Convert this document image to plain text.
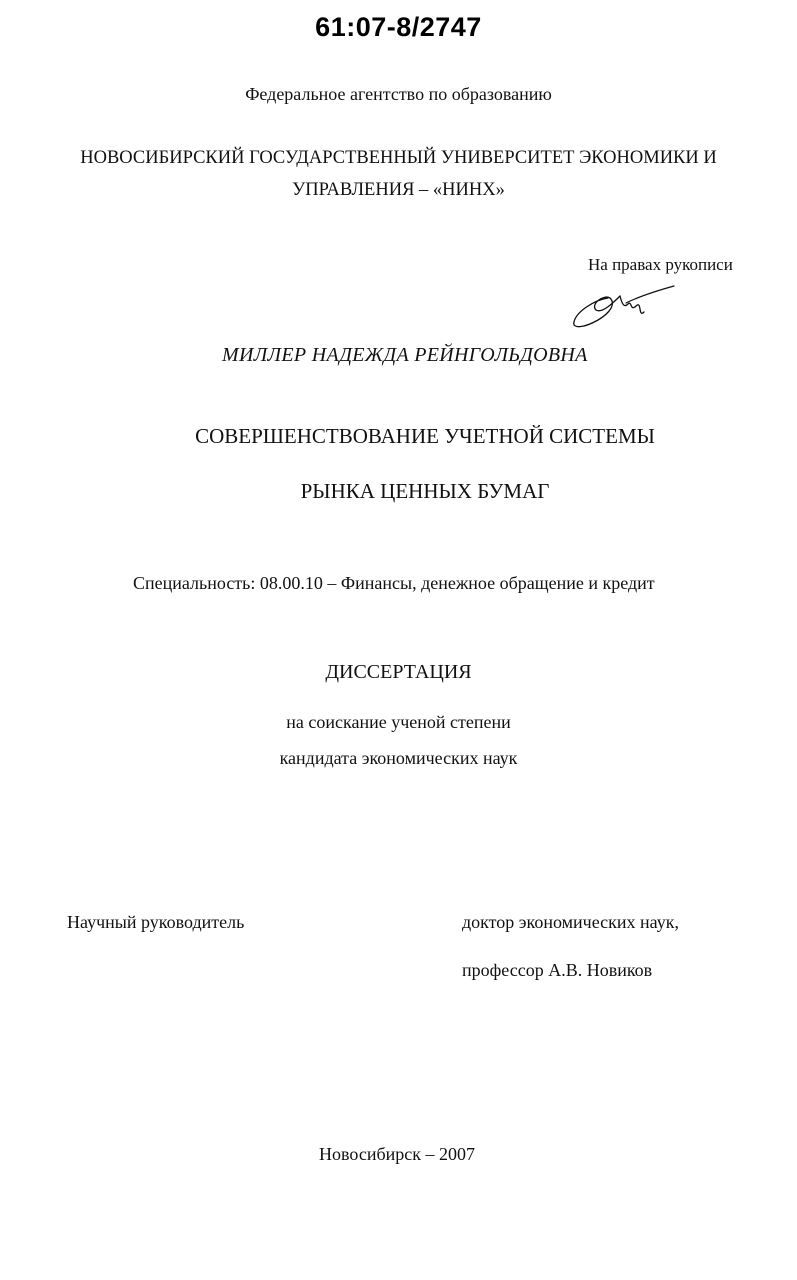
61:07-8/2747
Федеральное агентство по образованию
НОВОСИБИРСКИЙ ГОСУДАРСТВЕННЫЙ УНИВЕРСИТЕТ ЭКОНОМИКИ И
УПРАВЛЕНИЯ – «НИНХ»
На правах рукописи
МИЛЛЕР НАДЕЖДА РЕЙНГОЛЬДОВНА
СОВЕРШЕНСТВОВАНИЕ УЧЕТНОЙ СИСТЕМЫ
РЫНКА ЦЕННЫХ БУМАГ
Специальность: 08.00.10 – Финансы, денежное обращение и кредит
ДИССЕРТАЦИЯ
на соискание ученой степени
кандидата экономических наук
Научный руководитель	доктор экономических наук,
профессор А.В. Новиков
Новосибирск – 2007
